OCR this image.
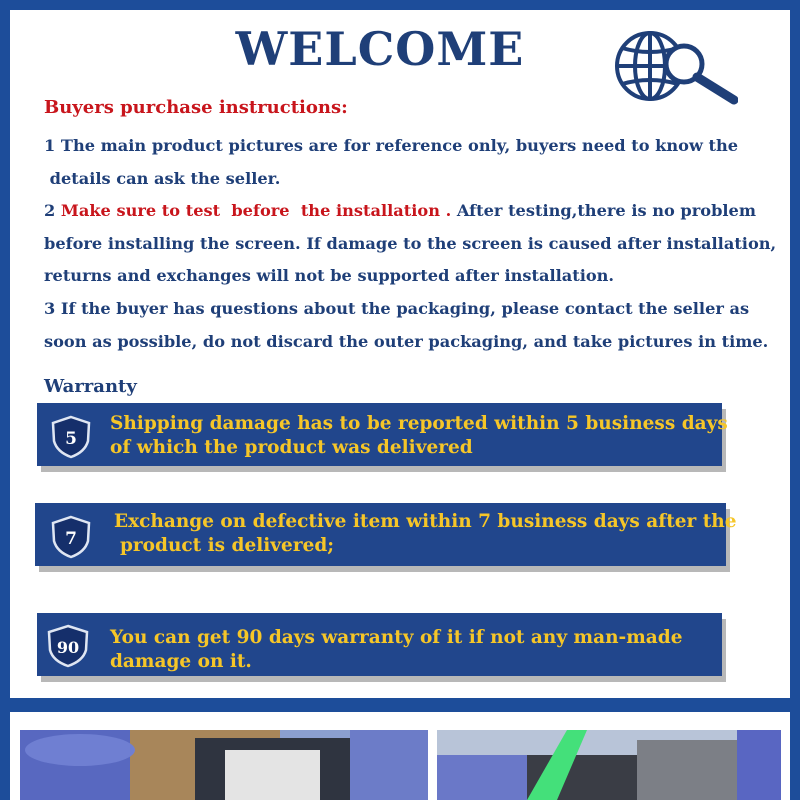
WELCOME
Buyers purchase instructions:
1 The main product pictures are for reference only, buyers need to know the
details can ask the seller.
2 Make sure to test  before  the installation . After testing,there is no problem
before installing the screen. If damage to the screen is caused after installation,
returns and exchanges will not be supported after installation.
3 If the buyer has questions about the packaging, please contact the seller as
soon as possible, do not discard the outer packaging, and take pictures in time.
Warranty
5
Shipping damage has to be reported within 5 business days
of which the product was delivered
7
Exchange on defective item within 7 business days after the
product is delivered;
90 You can get 90 days warranty of it if not any man-made
damage on it.
